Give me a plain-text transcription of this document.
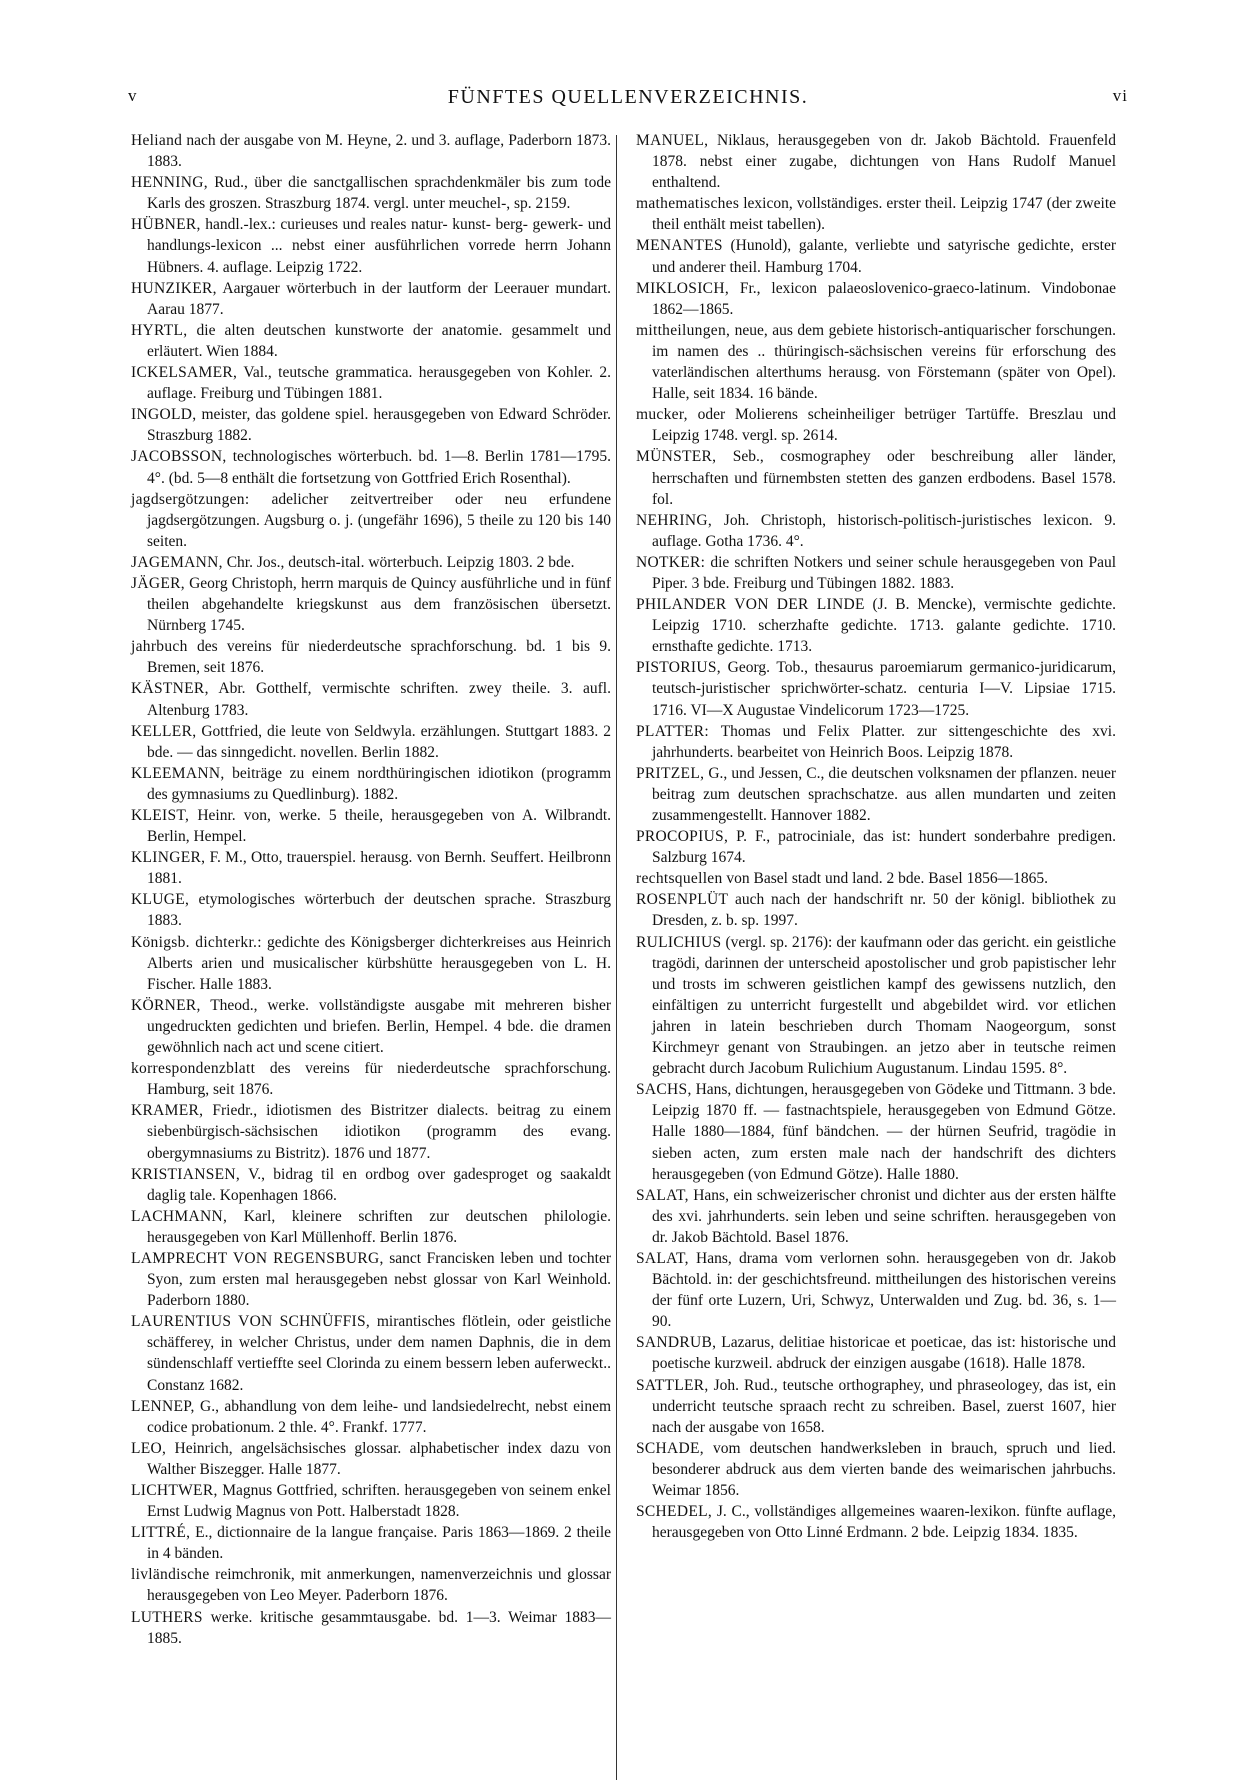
v	FÜNFTES QUELLENVERZEICHNIS.	vi

Heliand nach der ausgabe von M. Heyne, 2. und 3. auflage, Paderborn 1873. 1883.

HENNING, Rud., über die sanctgallischen sprachdenkmäler bis zum tode Karls des groszen. Straszburg 1874. vergl. unter meuchel-, sp. 2159.

HÜBNER, handl.-lex.: curieuses und reales natur- kunst- berg- gewerk- und handlungs-lexicon ... nebst einer ausführlichen vorrede herrn Johann Hübners. 4. auflage. Leipzig 1722.

HUNZIKER, Aargauer wörterbuch in der lautform der Leerauer mundart. Aarau 1877.

HYRTL, die alten deutschen kunstworte der anatomie. gesammelt und erläutert. Wien 1884.

ICKELSAMER, Val., teutsche grammatica. herausgegeben von Kohler. 2. auflage. Freiburg und Tübingen 1881.

INGOLD, meister, das goldene spiel. herausgegeben von Edward Schröder. Straszburg 1882.

JACOBSSON, technologisches wörterbuch. bd. 1—8. Berlin 1781—1795. 4°. (bd. 5—8 enthält die fortsetzung von Gottfried Erich Rosenthal).

jagdsergötzungen: adelicher zeitvertreiber oder neu erfundene jagdsergötzungen. Augsburg o. j. (ungefähr 1696), 5 theile zu 120 bis 140 seiten.

JAGEMANN, Chr. Jos., deutsch-ital. wörterbuch. Leipzig 1803. 2 bde.

JÄGER, Georg Christoph, herrn marquis de Quincy ausführliche und in fünf theilen abgehandelte kriegskunst aus dem französischen übersetzt. Nürnberg 1745.

jahrbuch des vereins für niederdeutsche sprachforschung. bd. 1 bis 9. Bremen, seit 1876.

KÄSTNER, Abr. Gotthelf, vermischte schriften. zwey theile. 3. aufl. Altenburg 1783.

KELLER, Gottfried, die leute von Seldwyla. erzählungen. Stuttgart 1883. 2 bde. — das sinngedicht. novellen. Berlin 1882.

KLEEMANN, beiträge zu einem nordthüringischen idiotikon (programm des gymnasiums zu Quedlinburg). 1882.

KLEIST, Heinr. von, werke. 5 theile, herausgegeben von A. Wilbrandt. Berlin, Hempel.

KLINGER, F. M., Otto, trauerspiel. herausg. von Bernh. Seuffert. Heilbronn 1881.

KLUGE, etymologisches wörterbuch der deutschen sprache. Straszburg 1883.

Königsb. dichterkr.: gedichte des Königsberger dichterkreises aus Heinrich Alberts arien und musicalischer kürbshütte herausgegeben von L. H. Fischer. Halle 1883.

KÖRNER, Theod., werke. vollständigste ausgabe mit mehreren bisher ungedruckten gedichten und briefen. Berlin, Hempel. 4 bde. die dramen gewöhnlich nach act und scene citiert.

korrespondenzblatt des vereins für niederdeutsche sprachforschung. Hamburg, seit 1876.

KRAMER, Friedr., idiotismen des Bistritzer dialects. beitrag zu einem siebenbürgisch-sächsischen idiotikon (programm des evang. obergymnasiums zu Bistritz). 1876 und 1877.

KRISTIANSEN, V., bidrag til en ordbog over gadesproget og saakaldt daglig tale. Kopenhagen 1866.

LACHMANN, Karl, kleinere schriften zur deutschen philologie. herausgegeben von Karl Müllenhoff. Berlin 1876.

LAMPRECHT VON REGENSBURG, sanct Francisken leben und tochter Syon, zum ersten mal herausgegeben nebst glossar von Karl Weinhold. Paderborn 1880.

LAURENTIUS VON SCHNÜFFIS, mirantisches flötlein, oder geistliche schäfferey, in welcher Christus, under dem namen Daphnis, die in dem sündenschlaff vertieffte seel Clorinda zu einem bessern leben auferweckt.. Constanz 1682.

LENNEP, G., abhandlung von dem leihe- und landsiedelrecht, nebst einem codice probationum. 2 thle. 4°. Frankf. 1777.

LEO, Heinrich, angelsächsisches glossar. alphabetischer index dazu von Walther Biszegger. Halle 1877.

LICHTWER, Magnus Gottfried, schriften. herausgegeben von seinem enkel Ernst Ludwig Magnus von Pott. Halberstadt 1828.

LITTRÉ, E., dictionnaire de la langue française. Paris 1863—1869. 2 theile in 4 bänden.

livländische reimchronik, mit anmerkungen, namenverzeichnis und glossar herausgegeben von Leo Meyer. Paderborn 1876.

LUTHERS werke. kritische gesammtausgabe. bd. 1—3. Weimar 1883—1885.

MANUEL, Niklaus, herausgegeben von dr. Jakob Bächtold. Frauenfeld 1878. nebst einer zugabe, dichtungen von Hans Rudolf Manuel enthaltend.

mathematisches lexicon, vollständiges. erster theil. Leipzig 1747 (der zweite theil enthält meist tabellen).

MENANTES (Hunold), galante, verliebte und satyrische gedichte, erster und anderer theil. Hamburg 1704.

MIKLOSICH, Fr., lexicon palaeoslovenico-graeco-latinum. Vindobonae 1862—1865.

mittheilungen, neue, aus dem gebiete historisch-antiquarischer forschungen. im namen des .. thüringisch-sächsischen vereins für erforschung des vaterländischen alterthums herausg. von Förstemann (später von Opel). Halle, seit 1834. 16 bände.

mucker, oder Molierens scheinheiliger betrüger Tartüffe. Breszlau und Leipzig 1748. vergl. sp. 2614.

MÜNSTER, Seb., cosmographey oder beschreibung aller länder, herrschaften und fürnembsten stetten des ganzen erdbodens. Basel 1578. fol.

NEHRING, Joh. Christoph, historisch-politisch-juristisches lexicon. 9. auflage. Gotha 1736. 4°.

NOTKER: die schriften Notkers und seiner schule herausgegeben von Paul Piper. 3 bde. Freiburg und Tübingen 1882. 1883.

PHILANDER VON DER LINDE (J. B. Mencke), vermischte gedichte. Leipzig 1710. scherzhafte gedichte. 1713. galante gedichte. 1710. ernsthafte gedichte. 1713.

PISTORIUS, Georg. Tob., thesaurus paroemiarum germanico-juridicarum, teutsch-juristischer sprichwörter-schatz. centuria I—V. Lipsiae 1715. 1716. VI—X Augustae Vindelicorum 1723—1725.

PLATTER: Thomas und Felix Platter. zur sittengeschichte des xvi. jahrhunderts. bearbeitet von Heinrich Boos. Leipzig 1878.

PRITZEL, G., und Jessen, C., die deutschen volksnamen der pflanzen. neuer beitrag zum deutschen sprachschatze. aus allen mundarten und zeiten zusammengestellt. Hannover 1882.

PROCOPIUS, P. F., patrociniale, das ist: hundert sonderbahre predigen. Salzburg 1674.

rechtsquellen von Basel stadt und land. 2 bde. Basel 1856—1865.

ROSENPLÜT auch nach der handschrift nr. 50 der königl. bibliothek zu Dresden, z. b. sp. 1997.

RULICHIUS (vergl. sp. 2176): der kaufmann oder das gericht. ein geistliche tragödi, darinnen der unterscheid apostolischer und grob papistischer lehr und trosts im schweren geistlichen kampf des gewissens nutzlich, den einfältigen zu unterricht furgestellt und abgebildet wird. vor etlichen jahren in latein beschrieben durch Thomam Naogeorgum, sonst Kirchmeyr genant von Straubingen. an jetzo aber in teutsche reimen gebracht durch Jacobum Rulichium Augustanum. Lindau 1595. 8°.

SACHS, Hans, dichtungen, herausgegeben von Gödeke und Tittmann. 3 bde. Leipzig 1870 ff. — fastnachtspiele, herausgegeben von Edmund Götze. Halle 1880—1884, fünf bändchen. — der hürnen Seufrid, tragödie in sieben acten, zum ersten male nach der handschrift des dichters herausgegeben (von Edmund Götze). Halle 1880.

SALAT, Hans, ein schweizerischer chronist und dichter aus der ersten hälfte des xvi. jahrhunderts. sein leben und seine schriften. herausgegeben von dr. Jakob Bächtold. Basel 1876.

SALAT, Hans, drama vom verlornen sohn. herausgegeben von dr. Jakob Bächtold. in: der geschichtsfreund. mittheilungen des historischen vereins der fünf orte Luzern, Uri, Schwyz, Unterwalden und Zug. bd. 36, s. 1—90.

SANDRUB, Lazarus, delitiae historicae et poeticae, das ist: historische und poetische kurzweil. abdruck der einzigen ausgabe (1618). Halle 1878.

SATTLER, Joh. Rud., teutsche orthographey, und phraseologey, das ist, ein underricht teutsche spraach recht zu schreiben. Basel, zuerst 1607, hier nach der ausgabe von 1658.

SCHADE, vom deutschen handwerksleben in brauch, spruch und lied. besonderer abdruck aus dem vierten bande des weimarischen jahrbuchs. Weimar 1856.

SCHEDEL, J. C., vollständiges allgemeines waaren-lexikon. fünfte auflage, herausgegeben von Otto Linné Erdmann. 2 bde. Leipzig 1834. 1835.
